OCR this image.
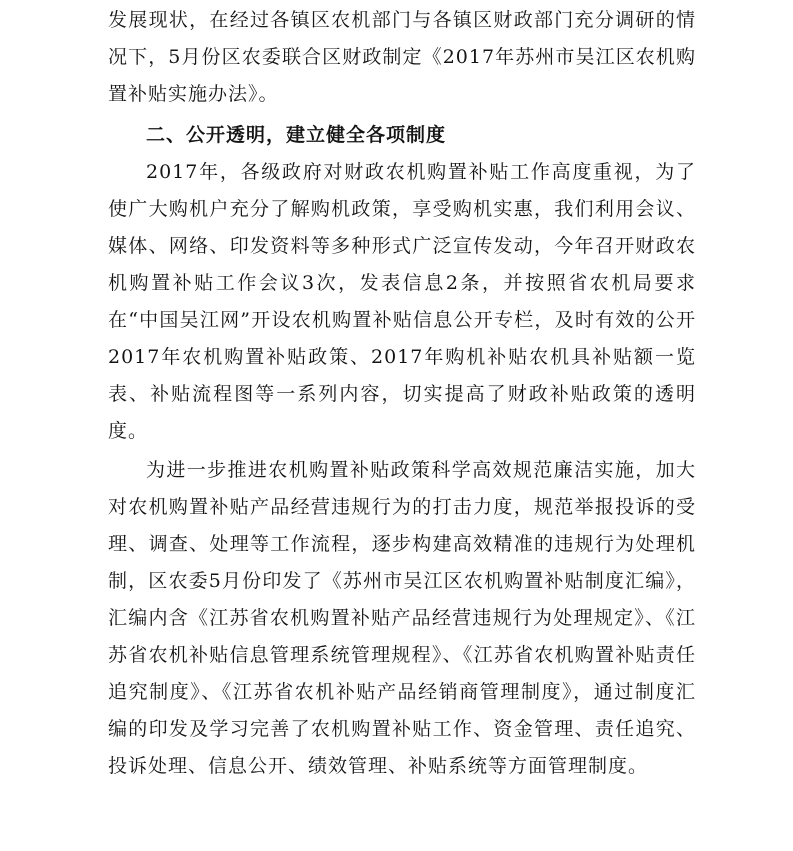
发展现状，在经过各镇区农机部门与各镇区财政部门充分调研的情况下，5月份区农委联合区财政制定《2017年苏州市吴江区农机购置补贴实施办法》。

二、公开透明，建立健全各项制度

2017年，各级政府对财政农机购置补贴工作高度重视，为了使广大购机户充分了解购机政策，享受购机实惠，我们利用会议、媒体、网络、印发资料等多种形式广泛宣传发动，今年召开财政农机购置补贴工作会议3次，发表信息2条，并按照省农机局要求在“中国吴江网”开设农机购置补贴信息公开专栏，及时有效的公开2017年农机购置补贴政策、2017年购机补贴农机具补贴额一览表、补贴流程图等一系列内容，切实提高了财政补贴政策的透明度。

为进一步推进农机购置补贴政策科学高效规范廉洁实施，加大对农机购置补贴产品经营违规行为的打击力度，规范举报投诉的受理、调查、处理等工作流程，逐步构建高效精准的违规行为处理机制，区农委5月份印发了《苏州市吴江区农机购置补贴制度汇编》，汇编内含《江苏省农机购置补贴产品经营违规行为处理规定》、《江苏省农机补贴信息管理系统管理规程》、《江苏省农机购置补贴责任追究制度》、《江苏省农机补贴产品经销商管理制度》，通过制度汇编的印发及学习完善了农机购置补贴工作、资金管理、责任追究、投诉处理、信息公开、绩效管理、补贴系统等方面管理制度。
